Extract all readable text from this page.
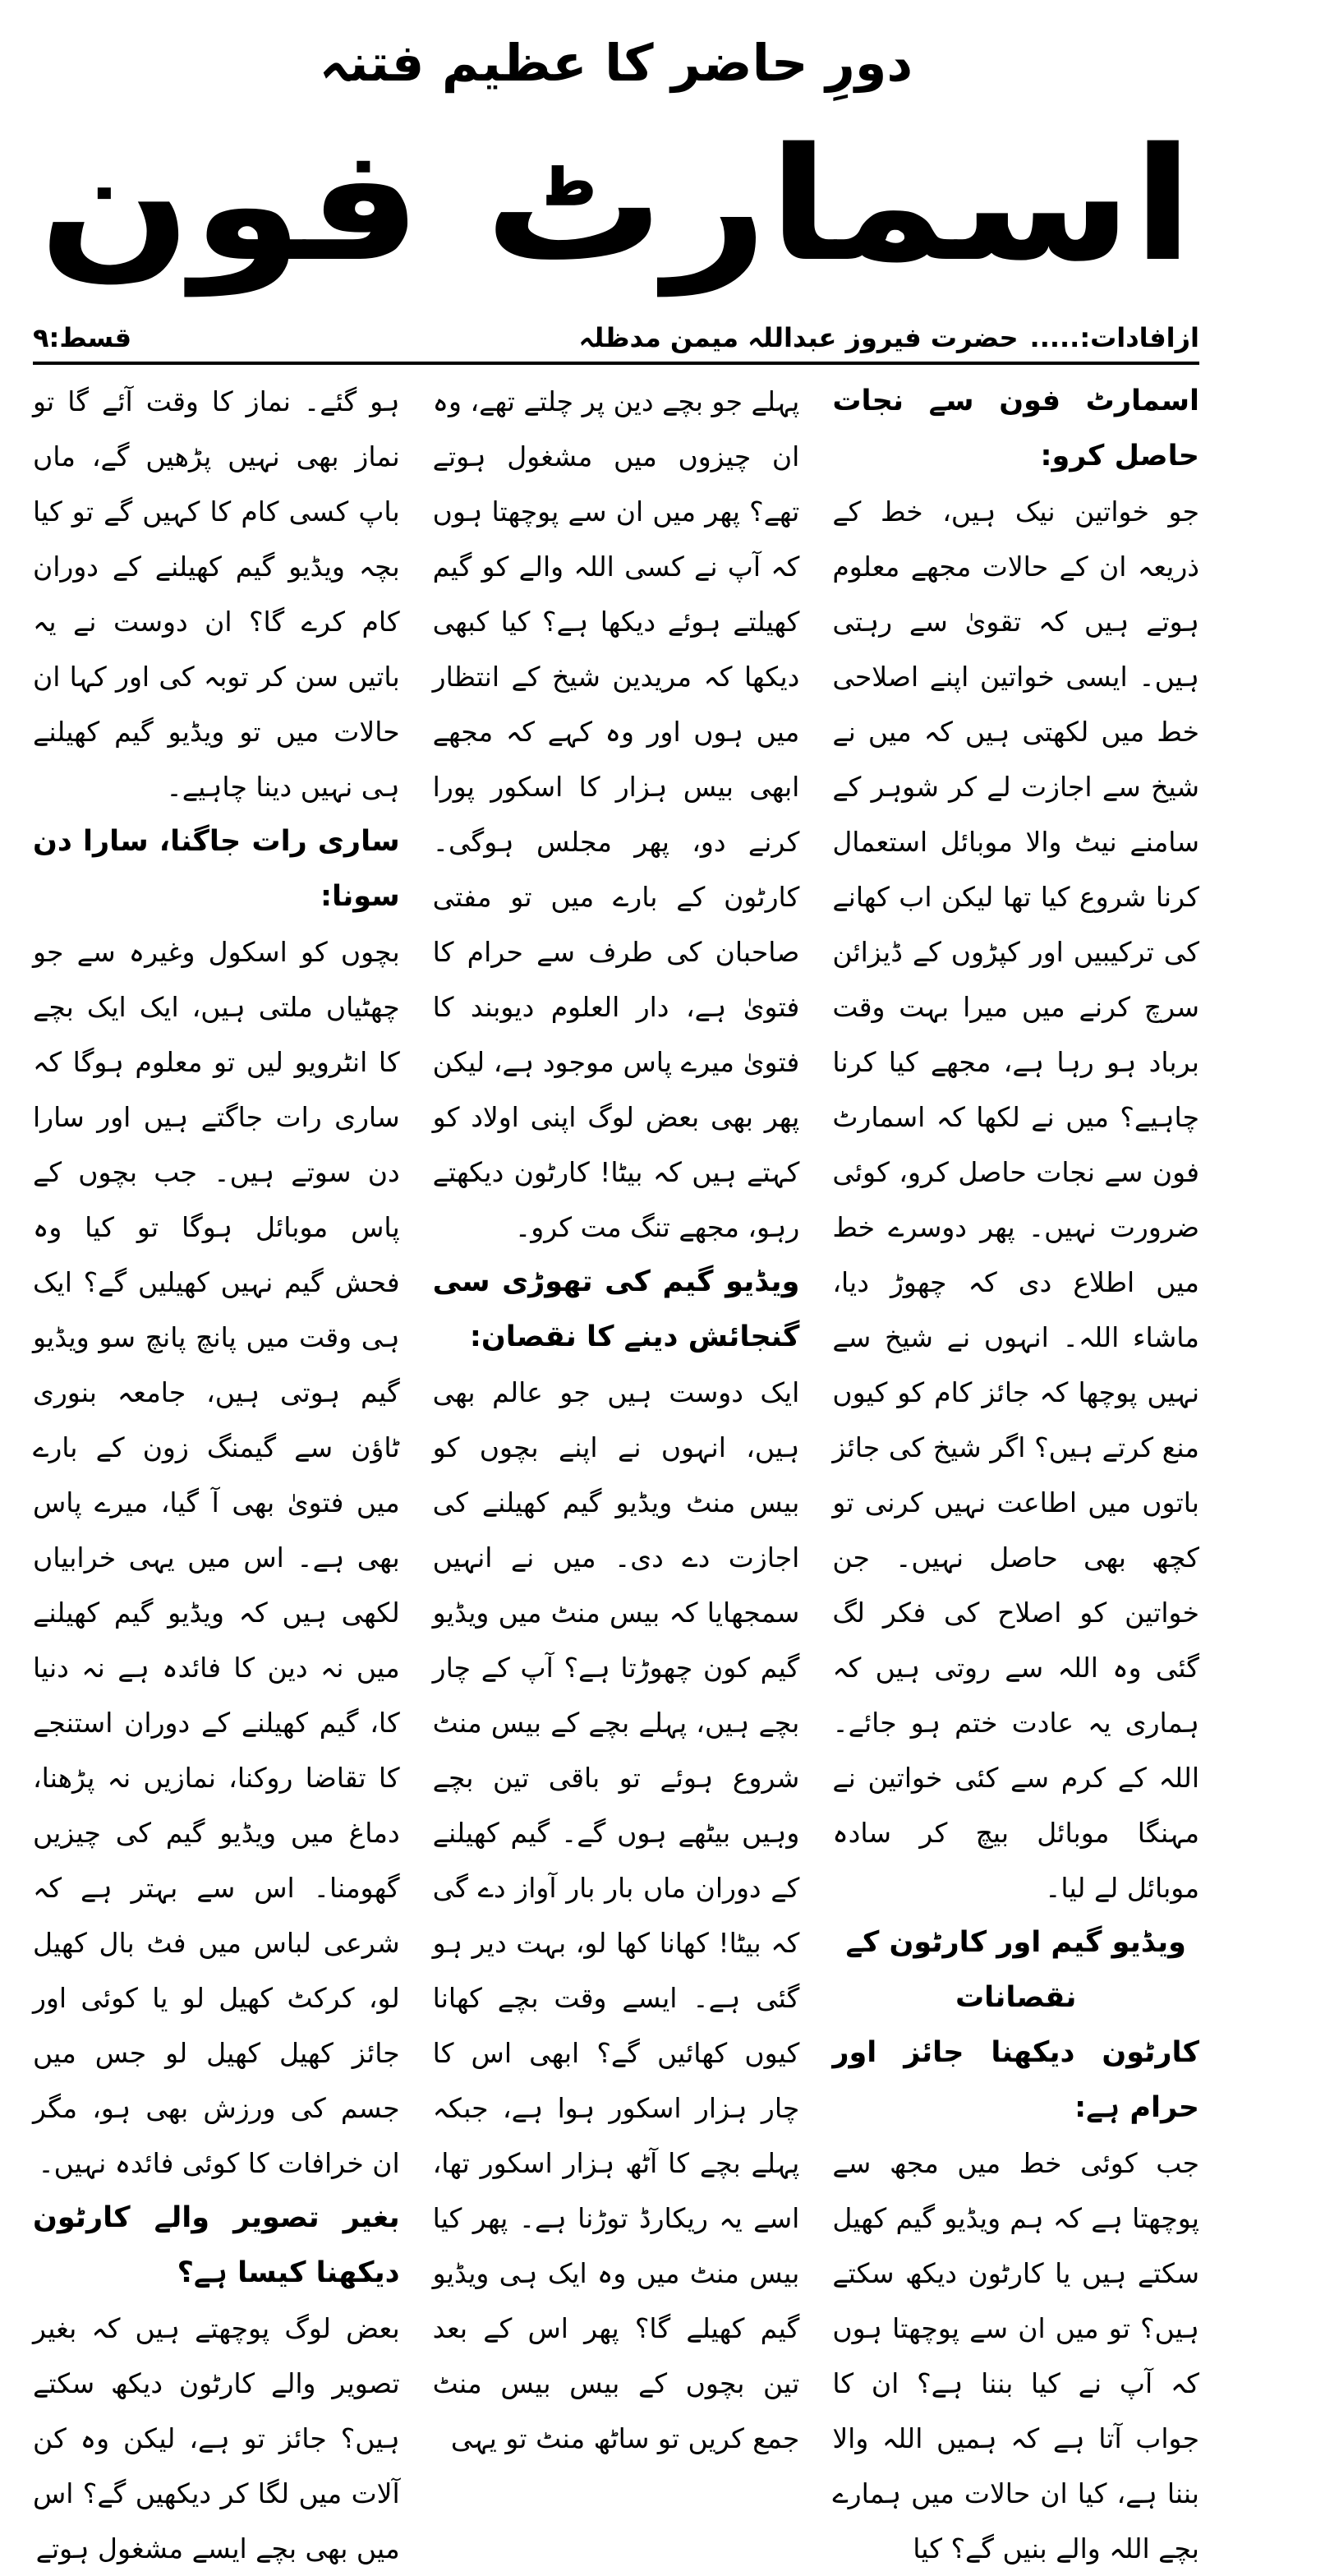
دورِ حاضر کا عظیم فتنہ
اسمارٹ فون
ازافادات:.....حضرت فیروز عبداللہ میمن مدظلہ
قسط:۹
اسمارٹ فون سے نجات حاصل کرو:

جو خواتین نیک ہیں، خط کے ذریعہ ان کے حالات مجھے معلوم ہوتے ہیں کہ تقویٰ سے رہتی ہیں۔ ایسی خواتین اپنے اصلاحی خط میں لکھتی ہیں کہ میں نے شیخ سے اجازت لے کر شوہر کے سامنے نیٹ والا موبائل استعمال کرنا شروع کیا تھا لیکن اب کھانے کی ترکیبیں اور کپڑوں کے ڈیزائن سرچ کرنے میں میرا بہت وقت برباد ہو رہا ہے، مجھے کیا کرنا چاہیے؟ میں نے لکھا کہ اسمارٹ فون سے نجات حاصل کرو، کوئی ضرورت نہیں۔ پھر دوسرے خط میں اطلاع دی کہ چھوڑ دیا، ماشاء اللہ۔ انہوں نے شیخ سے نہیں پوچھا کہ جائز کام کو کیوں منع کرتے ہیں؟ اگر شیخ کی جائز باتوں میں اطاعت نہیں کرنی تو کچھ بھی حاصل نہیں۔ جن خواتین کو اصلاح کی فکر لگ گئی وہ اللہ سے روتی ہیں کہ ہماری یہ عادت ختم ہو جائے۔ اللہ کے کرم سے کئی خواتین نے مہنگا موبائل بیچ کر سادہ موبائل لے لیا۔

ویڈیو گیم اور کارٹون کے نقصانات
کارٹون دیکھنا جائز اور حرام ہے:

جب کوئی خط میں مجھ سے پوچھتا ہے کہ ہم ویڈیو گیم کھیل سکتے ہیں یا کارٹون دیکھ سکتے ہیں؟ تو میں ان سے پوچھتا ہوں کہ آپ نے کیا بننا ہے؟ ان کا جواب آتا ہے کہ ہمیں اللہ والا بننا ہے، کیا ان حالات میں ہمارے بچے اللہ والے بنیں گے؟ کیا

پہلے جو بچے دین پر چلتے تھے، وہ ان چیزوں میں مشغول ہوتے تھے؟ پھر میں ان سے پوچھتا ہوں کہ آپ نے کسی اللہ والے کو گیم کھیلتے ہوئے دیکھا ہے؟ کیا کبھی دیکھا کہ مریدین شیخ کے انتظار میں ہوں اور وہ کہے کہ مجھے ابھی بیس ہزار کا اسکور پورا کرنے دو، پھر مجلس ہوگی۔ کارٹون کے بارے میں تو مفتی صاحبان کی طرف سے حرام کا فتویٰ ہے، دار العلوم دیوبند کا فتویٰ میرے پاس موجود ہے، لیکن پھر بھی بعض لوگ اپنی اولاد کو کہتے ہیں کہ بیٹا! کارٹون دیکھتے رہو، مجھے تنگ مت کرو۔

ویڈیو گیم کی تھوڑی سی گنجائش دینے کا نقصان:

ایک دوست ہیں جو عالم بھی ہیں، انہوں نے اپنے بچوں کو بیس منٹ ویڈیو گیم کھیلنے کی اجازت دے دی۔ میں نے انہیں سمجھایا کہ بیس منٹ میں ویڈیو گیم کون چھوڑتا ہے؟ آپ کے چار بچے ہیں، پہلے بچے کے بیس منٹ شروع ہوئے تو باقی تین بچے وہیں بیٹھے ہوں گے۔ گیم کھیلنے کے دوران ماں بار بار آواز دے گی کہ بیٹا! کھانا کھا لو، بہت دیر ہو گئی ہے۔ ایسے وقت بچے کھانا کیوں کھائیں گے؟ ابھی اس کا چار ہزار اسکور ہوا ہے، جبکہ پہلے بچے کا آٹھ ہزار اسکور تھا، اسے یہ ریکارڈ توڑنا ہے۔ پھر کیا بیس منٹ میں وہ ایک ہی ویڈیو گیم کھیلے گا؟ پھر اس کے بعد تین بچوں کے بیس بیس منٹ جمع کریں تو ساٹھ منٹ تو یہی

ہو گئے۔ نماز کا وقت آئے گا تو نماز بھی نہیں پڑھیں گے، ماں باپ کسی کام کا کہیں گے تو کیا بچہ ویڈیو گیم کھیلنے کے دوران کام کرے گا؟ ان دوست نے یہ باتیں سن کر توبہ کی اور کہا ان حالات میں تو ویڈیو گیم کھیلنے ہی نہیں دینا چاہیے۔

ساری رات جاگنا، سارا دن سونا:

بچوں کو اسکول وغیرہ سے جو چھٹیاں ملتی ہیں، ایک ایک بچے کا انٹرویو لیں تو معلوم ہوگا کہ ساری رات جاگتے ہیں اور سارا دن سوتے ہیں۔ جب بچوں کے پاس موبائل ہوگا تو کیا وہ فحش گیم نہیں کھیلیں گے؟ ایک ہی وقت میں پانچ پانچ سو ویڈیو گیم ہوتی ہیں، جامعہ بنوری ٹاؤن سے گیمنگ زون کے بارے میں فتویٰ بھی آ گیا، میرے پاس بھی ہے۔ اس میں یہی خرابیاں لکھی ہیں کہ ویڈیو گیم کھیلنے میں نہ دین کا فائدہ ہے نہ دنیا کا، گیم کھیلنے کے دوران استنجے کا تقاضا روکنا، نمازیں نہ پڑھنا، دماغ میں ویڈیو گیم کی چیزیں گھومنا۔ اس سے بہتر ہے کہ شرعی لباس میں فٹ بال کھیل لو، کرکٹ کھیل لو یا کوئی اور جائز کھیل کھیل لو جس میں جسم کی ورزش بھی ہو، مگر ان خرافات کا کوئی فائدہ نہیں۔

بغیر تصویر والے کارٹون دیکھنا کیسا ہے؟

بعض لوگ پوچھتے ہیں کہ بغیر تصویر والے کارٹون دیکھ سکتے ہیں؟ جائز تو ہے، لیکن وہ کن آلات میں لگا کر دیکھیں گے؟ اس میں بھی بچے ایسے مشغول ہوتے
